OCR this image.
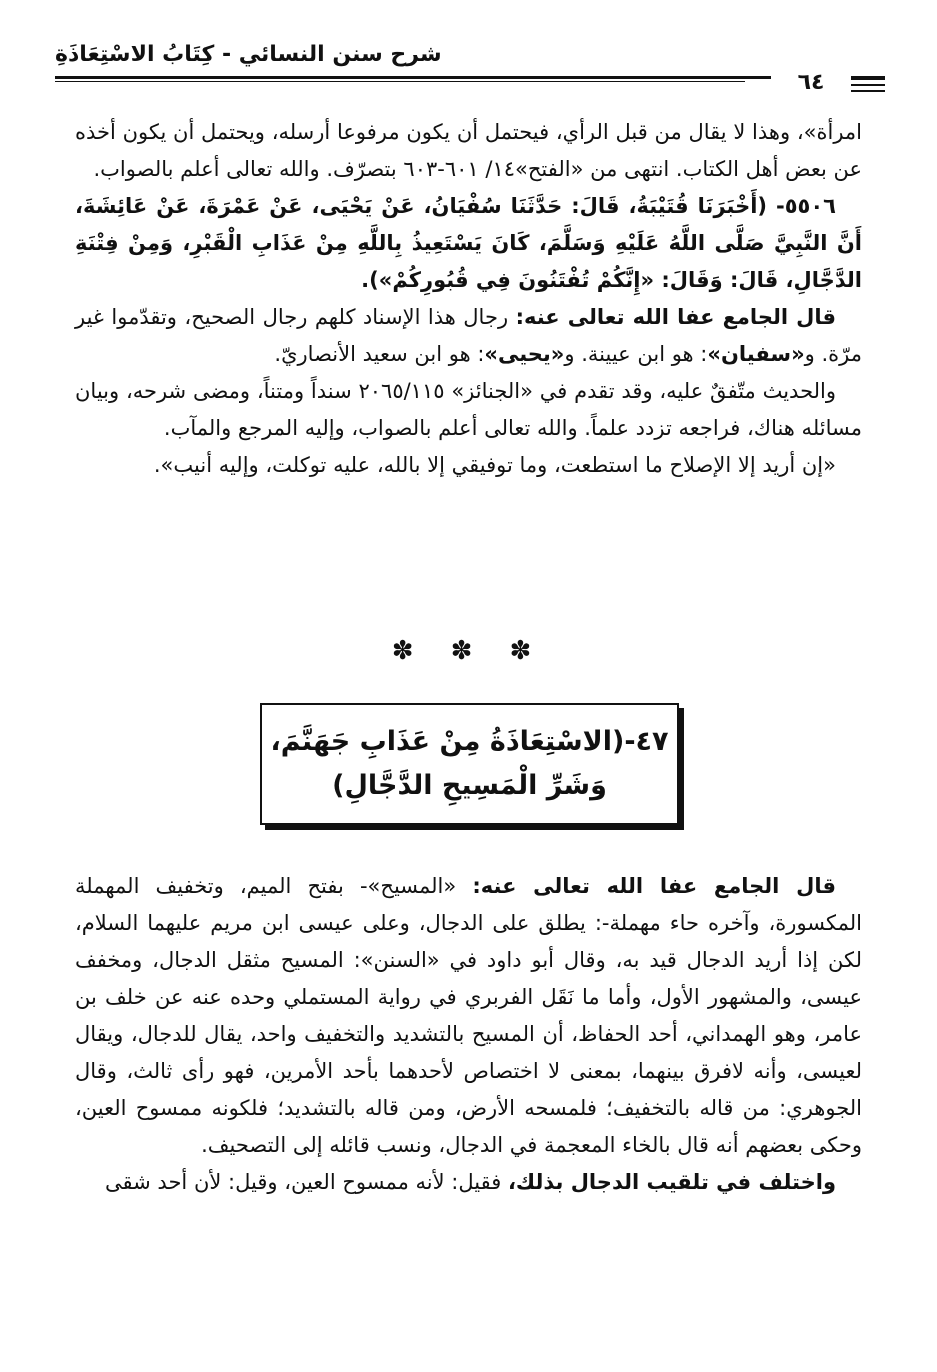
شرح سنن النسائي - كِتَابُ الاسْتِعَاذَةِ
٦٤

امرأة»، وهذا لا يقال من قبل الرأي، فيحتمل أن يكون مرفوعا أرسله، ويحتمل أن يكون أخذه عن بعض أهل الكتاب. انتهى من «الفتح»١٤/ ٦٠١-٦٠٣ بتصرّف. والله تعالى أعلم بالصواب.

٥٥٠٦- (أَخْبَرَنَا قُتَيْبَةُ، قَالَ: حَدَّثَنَا سُفْيَانُ، عَنْ يَحْيَى، عَنْ عَمْرَةَ، عَنْ عَائِشَةَ، أَنَّ النَّبِيَّ صَلَّى اللَّهُ عَلَيْهِ وَسَلَّمَ، كَانَ يَسْتَعِيذُ بِاللَّهِ مِنْ عَذَابِ الْقَبْرِ، وَمِنْ فِتْنَةِ الدَّجَّالِ، قَالَ: وَقَالَ: «إِنَّكُمْ تُفْتَنُونَ فِي قُبُورِكُمْ»).

قال الجامع عفا الله تعالى عنه: رجال هذا الإسناد كلهم رجال الصحيح، وتقدّموا غير مرّة. و«سفيان»: هو ابن عيينة. و«يحيى»: هو ابن سعيد الأنصاريّ.

والحديث متّفقٌ عليه، وقد تقدم في «الجنائز» ٢٠٦٥/١١٥ سنداً ومتناً، ومضى شرحه، وبيان مسائله هناك، فراجعه تزدد علماً. والله تعالى أعلم بالصواب، وإليه المرجع والمآب.

«إن أريد إلا الإصلاح ما استطعت، وما توفيقي إلا بالله، عليه توكلت، وإليه أنيب».

✽ ✽ ✽
٤٧-(الاسْتِعَاذَةُ مِنْ عَذَابِ جَهَنَّمَ،
وَشَرِّ الْمَسِيحِ الدَّجَّالِ)

قال الجامع عفا الله تعالى عنه: «المسيح»- بفتح الميم، وتخفيف المهملة المكسورة، وآخره حاء مهملة-: يطلق على الدجال، وعلى عيسى ابن مريم عليهما السلام، لكن إذا أريد الدجال قيد به، وقال أبو داود في «السنن»: المسيح مثقل الدجال، ومخفف عيسى، والمشهور الأول، وأما ما نَقَل الفربري في رواية المستملي وحده عنه عن خلف بن عامر، وهو الهمداني، أحد الحفاظ، أن المسيح بالتشديد والتخفيف واحد، يقال للدجال، ويقال لعيسى، وأنه لافرق بينهما، بمعنى لا اختصاص لأحدهما بأحد الأمرين، فهو رأى ثالث، وقال الجوهري: من قاله بالتخفيف؛ فلمسحه الأرض، ومن قاله بالتشديد؛ فلكونه ممسوح العين، وحكى بعضهم أنه قال بالخاء المعجمة في الدجال، ونسب قائله إلى التصحيف.

واختلف في تلقيب الدجال بذلك، فقيل: لأنه ممسوح العين، وقيل: لأن أحد شقى
